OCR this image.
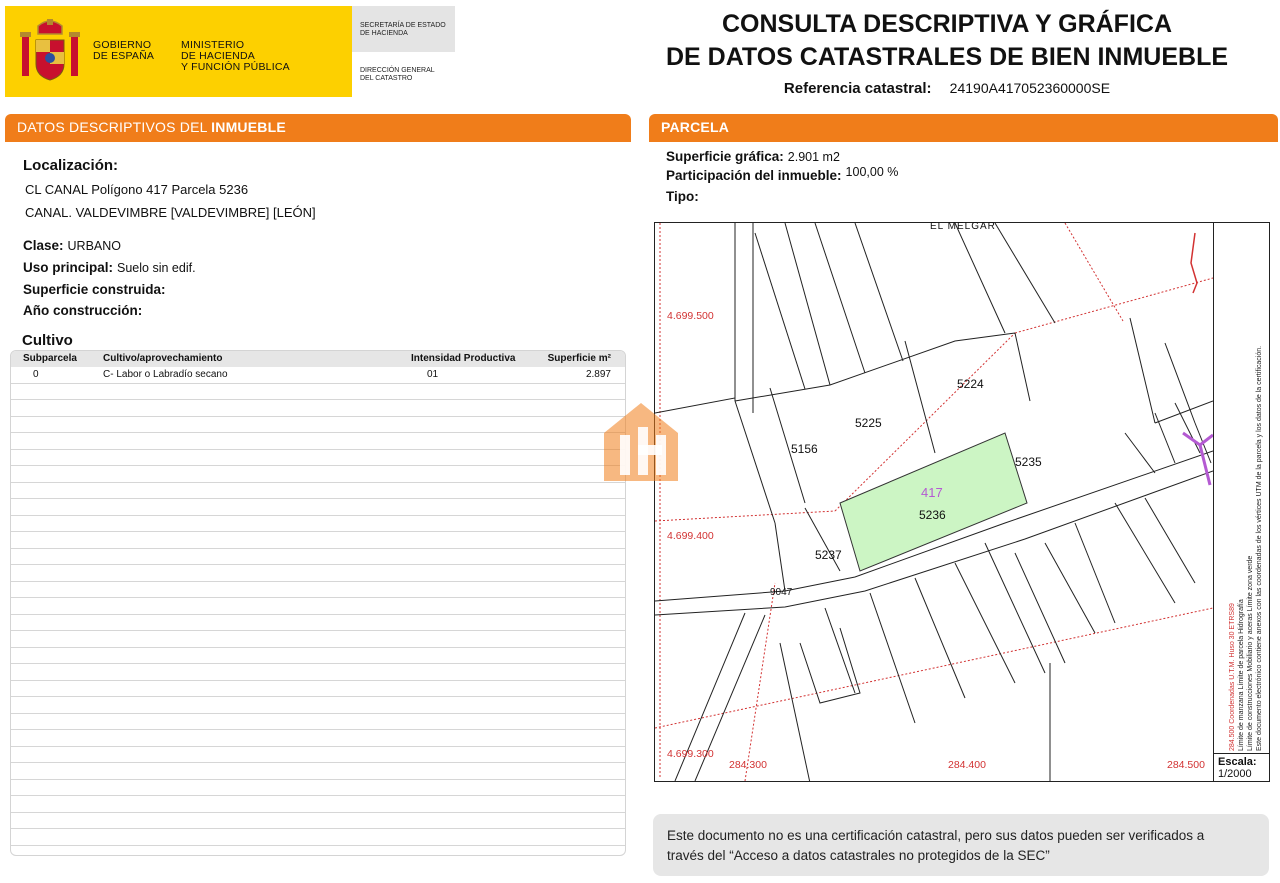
GOBIERNO
DE ESPAÑA
MINISTERIO
DE HACIENDA
Y FUNCIÓN PÚBLICA
SECRETARÍA DE ESTADO
DE HACIENDA
DIRECCIÓN GENERAL
DEL CATASTRO
CONSULTA DESCRIPTIVA Y GRÁFICA
DE DATOS CATASTRALES DE BIEN INMUEBLE
Referencia catastral: 24190A417052360000SE
DATOS DESCRIPTIVOS DEL INMUEBLE
Localización:
CL CANAL Polígono 417 Parcela 5236
CANAL. VALDEVIMBRE [VALDEVIMBRE] [LEÓN]
Clase: URBANO
Uso principal: Suelo sin edif.
Superficie construida:
Año construcción:
Cultivo
Subparcela	Cultivo/aprovechamiento	Intensidad Productiva	Superficie m²
0	C- Labor o Labradío secano	01	2.897
PARCELA
Superficie gráfica: 2.901 m2
Participación del inmueble: 100,00 %
Tipo:
EL MELGAR
9047
417
5224
5225
5156
5235
5236
5237
4.699.500
4.699.400
4.699.300
284.300	284.400	284.500
284.500 Coordenadas U.T.M. Huso 30 ETRS89 Límite de manzana Límite de parcela Hidrografía Límite de construcciones Mobiliario y aceras Límite zona verde Este documento electrónico contiene anexos con las coordenadas de los vértices UTM de la parcela y los datos de la certificación.
Escala:
1/2000
Este documento no es una certificación catastral, pero sus datos pueden ser verificados a
través del “Acceso a datos catastrales no protegidos de la SEC”
